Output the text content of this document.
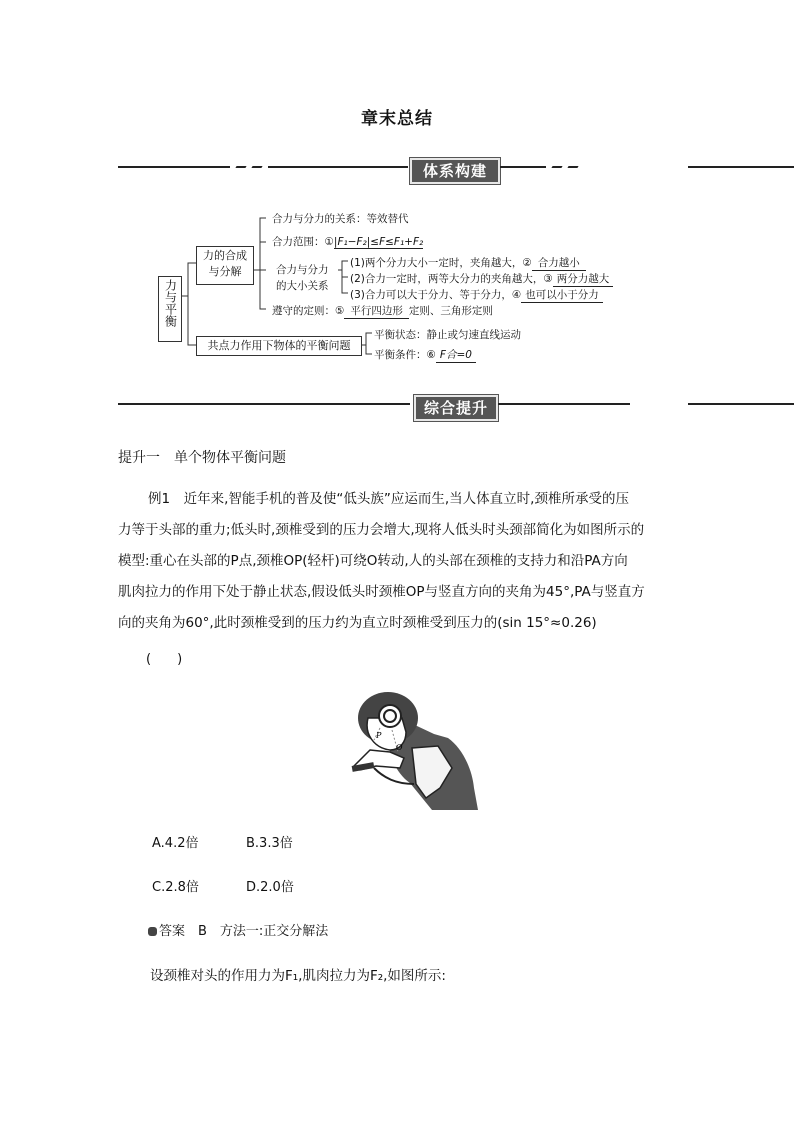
章末总结
体系构建
力与平衡
力的合成
与分解
合力与分力的关系：等效替代
合力范围：①|F₁−F₂|≤F≤F₁+F₂
合力与分力
的大小关系
(1)两个分力大小一定时，夹角越大，② 合力越小
(2)合力一定时，两等大分力的夹角越大，③ 两分力越大
(3)合力可以大于分力、等于分力，④ 也可以小于分力
遵守的定则：⑤ 平行四边形 定则、三角形定则
共点力作用下物体的平衡问题
平衡状态：静止或匀速直线运动
平衡条件：⑥ F合=0
综合提升
提升一　单个物体平衡问题
例1　近年来,智能手机的普及使“低头族”应运而生,当人体直立时,颈椎所承受的压
力等于头部的重力;低头时,颈椎受到的压力会增大,现将人低头时头颈部简化为如图所示的
模型:重心在头部的P点,颈椎OP(轻杆)可绕O转动,人的头部在颈椎的支持力和沿PA方向
肌肉拉力的作用下处于静止状态,假设低头时颈椎OP与竖直方向的夹角为45°,PA与竖直方
向的夹角为60°,此时颈椎受到的压力约为直立时颈椎受到压力的(sin 15°≈0.26)
(　　)
P
O
A.4.2倍	B.3.3倍
C.2.8倍	D.2.0倍
答案　B　方法一:正交分解法
设颈椎对头的作用力为F₁,肌肉拉力为F₂,如图所示:
